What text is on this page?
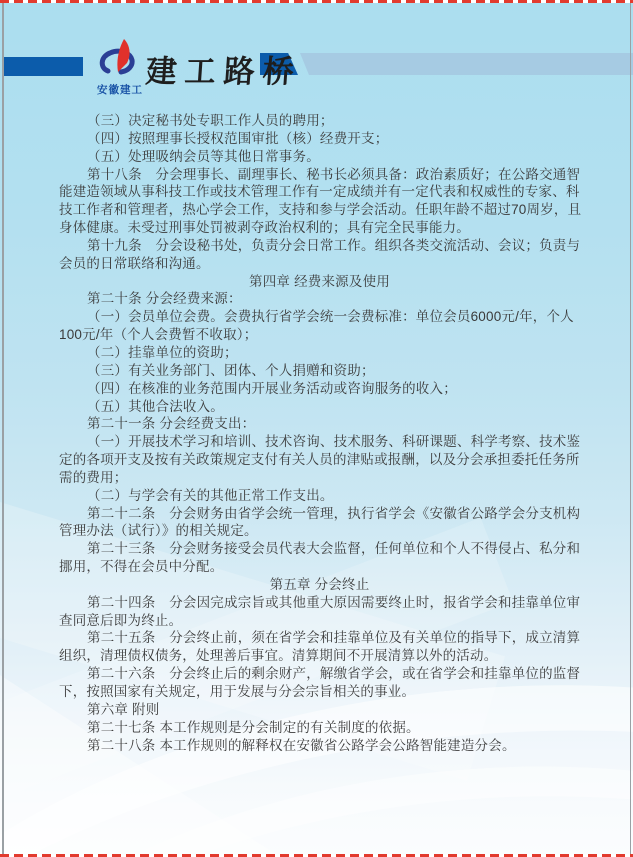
安徽建工 建工路桥

（三）决定秘书处专职工作人员的聘用；

（四）按照理事长授权范围审批（核）经费开支；

（五）处理吸纳会员等其他日常事务。

第十八条　分会理事长、副理事长、秘书长必须具备：政治素质好；在公路交通智

能建造领域从事科技工作或技术管理工作有一定成绩并有一定代表和权威性的专家、科

技工作者和管理者，热心学会工作，支持和参与学会活动。任职年龄不超过70周岁，且

身体健康。未受过刑事处罚被剥夺政治权利的；具有完全民事能力。

第十九条　分会设秘书处，负责分会日常工作。组织各类交流活动、会议；负责与

会员的日常联络和沟通。

第四章 经费来源及使用

第二十条 分会经费来源：

（一）会员单位会费。会费执行省学会统一会费标准：单位会员6000元/年，个人

100元/年（个人会费暂不收取）；

（二）挂靠单位的资助；

（三）有关业务部门、团体、个人捐赠和资助；

（四）在核准的业务范围内开展业务活动或咨询服务的收入；

（五）其他合法收入。

第二十一条 分会经费支出：

（一）开展技术学习和培训、技术咨询、技术服务、科研课题、科学考察、技术鉴

定的各项开支及按有关政策规定支付有关人员的津贴或报酬，以及分会承担委托任务所

需的费用；

（二）与学会有关的其他正常工作支出。

第二十二条　分会财务由省学会统一管理，执行省学会《安徽省公路学会分支机构

管理办法（试行）》的相关规定。

第二十三条　分会财务接受会员代表大会监督，任何单位和个人不得侵占、私分和

挪用，不得在会员中分配。

第五章 分会终止

第二十四条　分会因完成宗旨或其他重大原因需要终止时，报省学会和挂靠单位审

查同意后即为终止。

第二十五条　分会终止前，须在省学会和挂靠单位及有关单位的指导下，成立清算

组织，清理债权债务，处理善后事宜。清算期间不开展清算以外的活动。

第二十六条　分会终止后的剩余财产，解缴省学会，或在省学会和挂靠单位的监督

下，按照国家有关规定，用于发展与分会宗旨相关的事业。

第六章 附则

第二十七条 本工作规则是分会制定的有关制度的依据。

第二十八条 本工作规则的解释权在安徽省公路学会公路智能建造分会。
